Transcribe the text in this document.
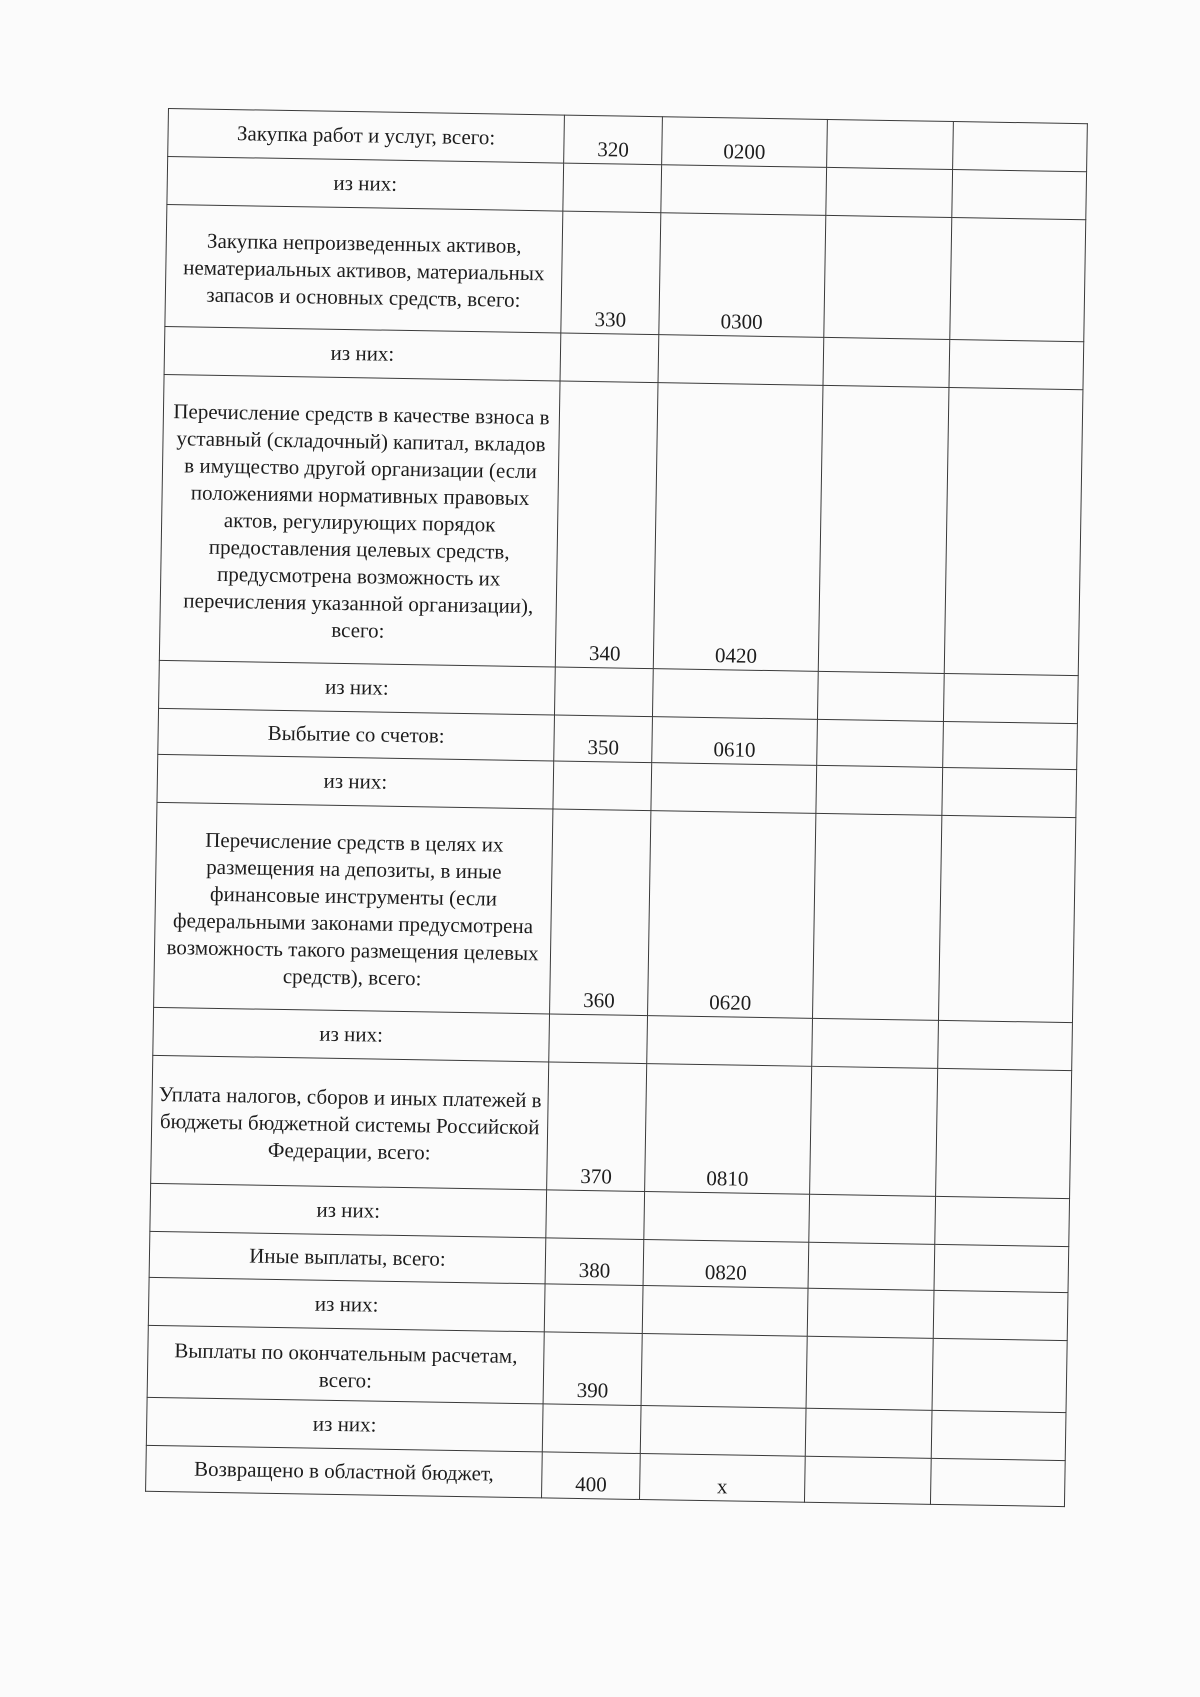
Закупка работ и услуг, всего:	320	0200		
из них:				
Закупка непроизведенных активов, нематериальных активов, материальных запасов и основных средств, всего:	330	0300		
из них:				
Перечисление средств в качестве взноса в уставный (складочный) капитал, вкладов в имущество другой организации (если положениями нормативных правовых актов, регулирующих порядок предоставления целевых средств, предусмотрена возможность их перечисления указанной организации), всего:	340	0420		
из них:				
Выбытие со счетов:	350	0610		
из них:				
Перечисление средств в целях их размещения на депозиты, в иные финансовые инструменты (если федеральными законами предусмотрена возможность такого размещения целевых средств), всего:	360	0620		
из них:				
Уплата налогов, сборов и иных платежей в бюджеты бюджетной системы Российской Федерации, всего:	370	0810		
из них:				
Иные выплаты, всего:	380	0820		
из них:				
Выплаты по окончательным расчетам, всего:	390			
из них:				
Возвращено в областной бюджет,	400	x		
